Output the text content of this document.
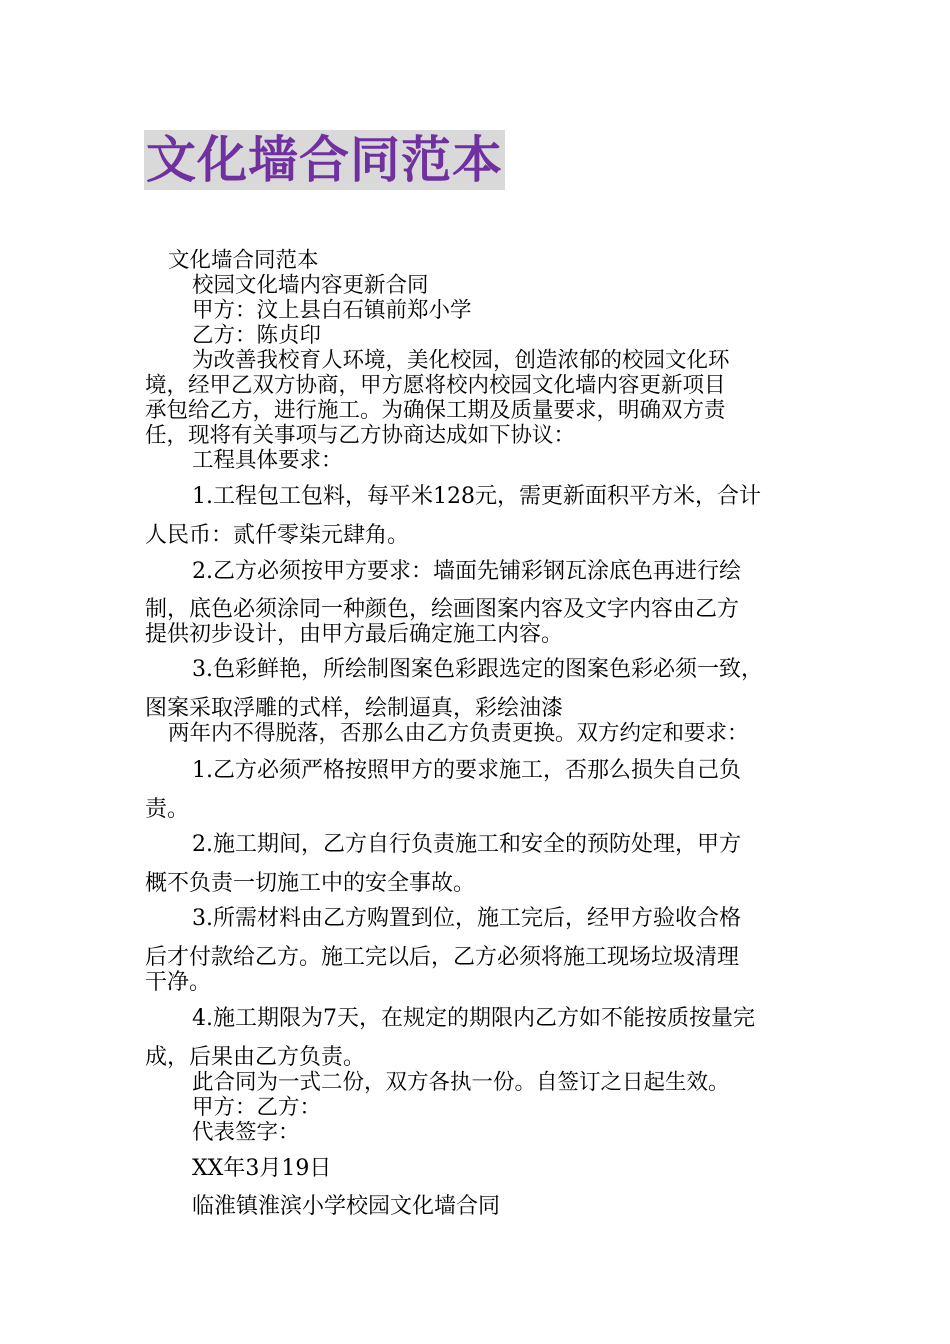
文化墙合同范本
文化墙合同范本
校园文化墙内容更新合同
甲方：汶上县白石镇前郑小学
乙方：陈贞印
为改善我校育人环境，美化校园，创造浓郁的校园文化环
境，经甲乙双方协商，甲方愿将校内校园文化墙内容更新项目
承包给乙方，进行施工。为确保工期及质量要求，明确双方责
任，现将有关事项与乙方协商达成如下协议：
工程具体要求：
1.工程包工包料，每平米128元，需更新面积平方米，合计
人民币：贰仟零柒元肆角。
2.乙方必须按甲方要求：墙面先铺彩钢瓦涂底色再进行绘
制，底色必须涂同一种颜色，绘画图案内容及文字内容由乙方
提供初步设计，由甲方最后确定施工内容。
3.色彩鲜艳，所绘制图案色彩跟选定的图案色彩必须一致，
图案采取浮雕的式样，绘制逼真，彩绘油漆
两年内不得脱落，否那么由乙方负责更换。双方约定和要求：
1.乙方必须严格按照甲方的要求施工，否那么损失自己负
责。
2.施工期间，乙方自行负责施工和安全的预防处理，甲方
概不负责一切施工中的安全事故。
3.所需材料由乙方购置到位，施工完后，经甲方验收合格
后才付款给乙方。施工完以后，乙方必须将施工现场垃圾清理
干净。
4.施工期限为7天，在规定的期限内乙方如不能按质按量完
成，后果由乙方负责。
此合同为一式二份，双方各执一份。自签订之日起生效。
甲方：乙方：
代表签字：
XX年3月19日
临淮镇淮滨小学校园文化墙合同
